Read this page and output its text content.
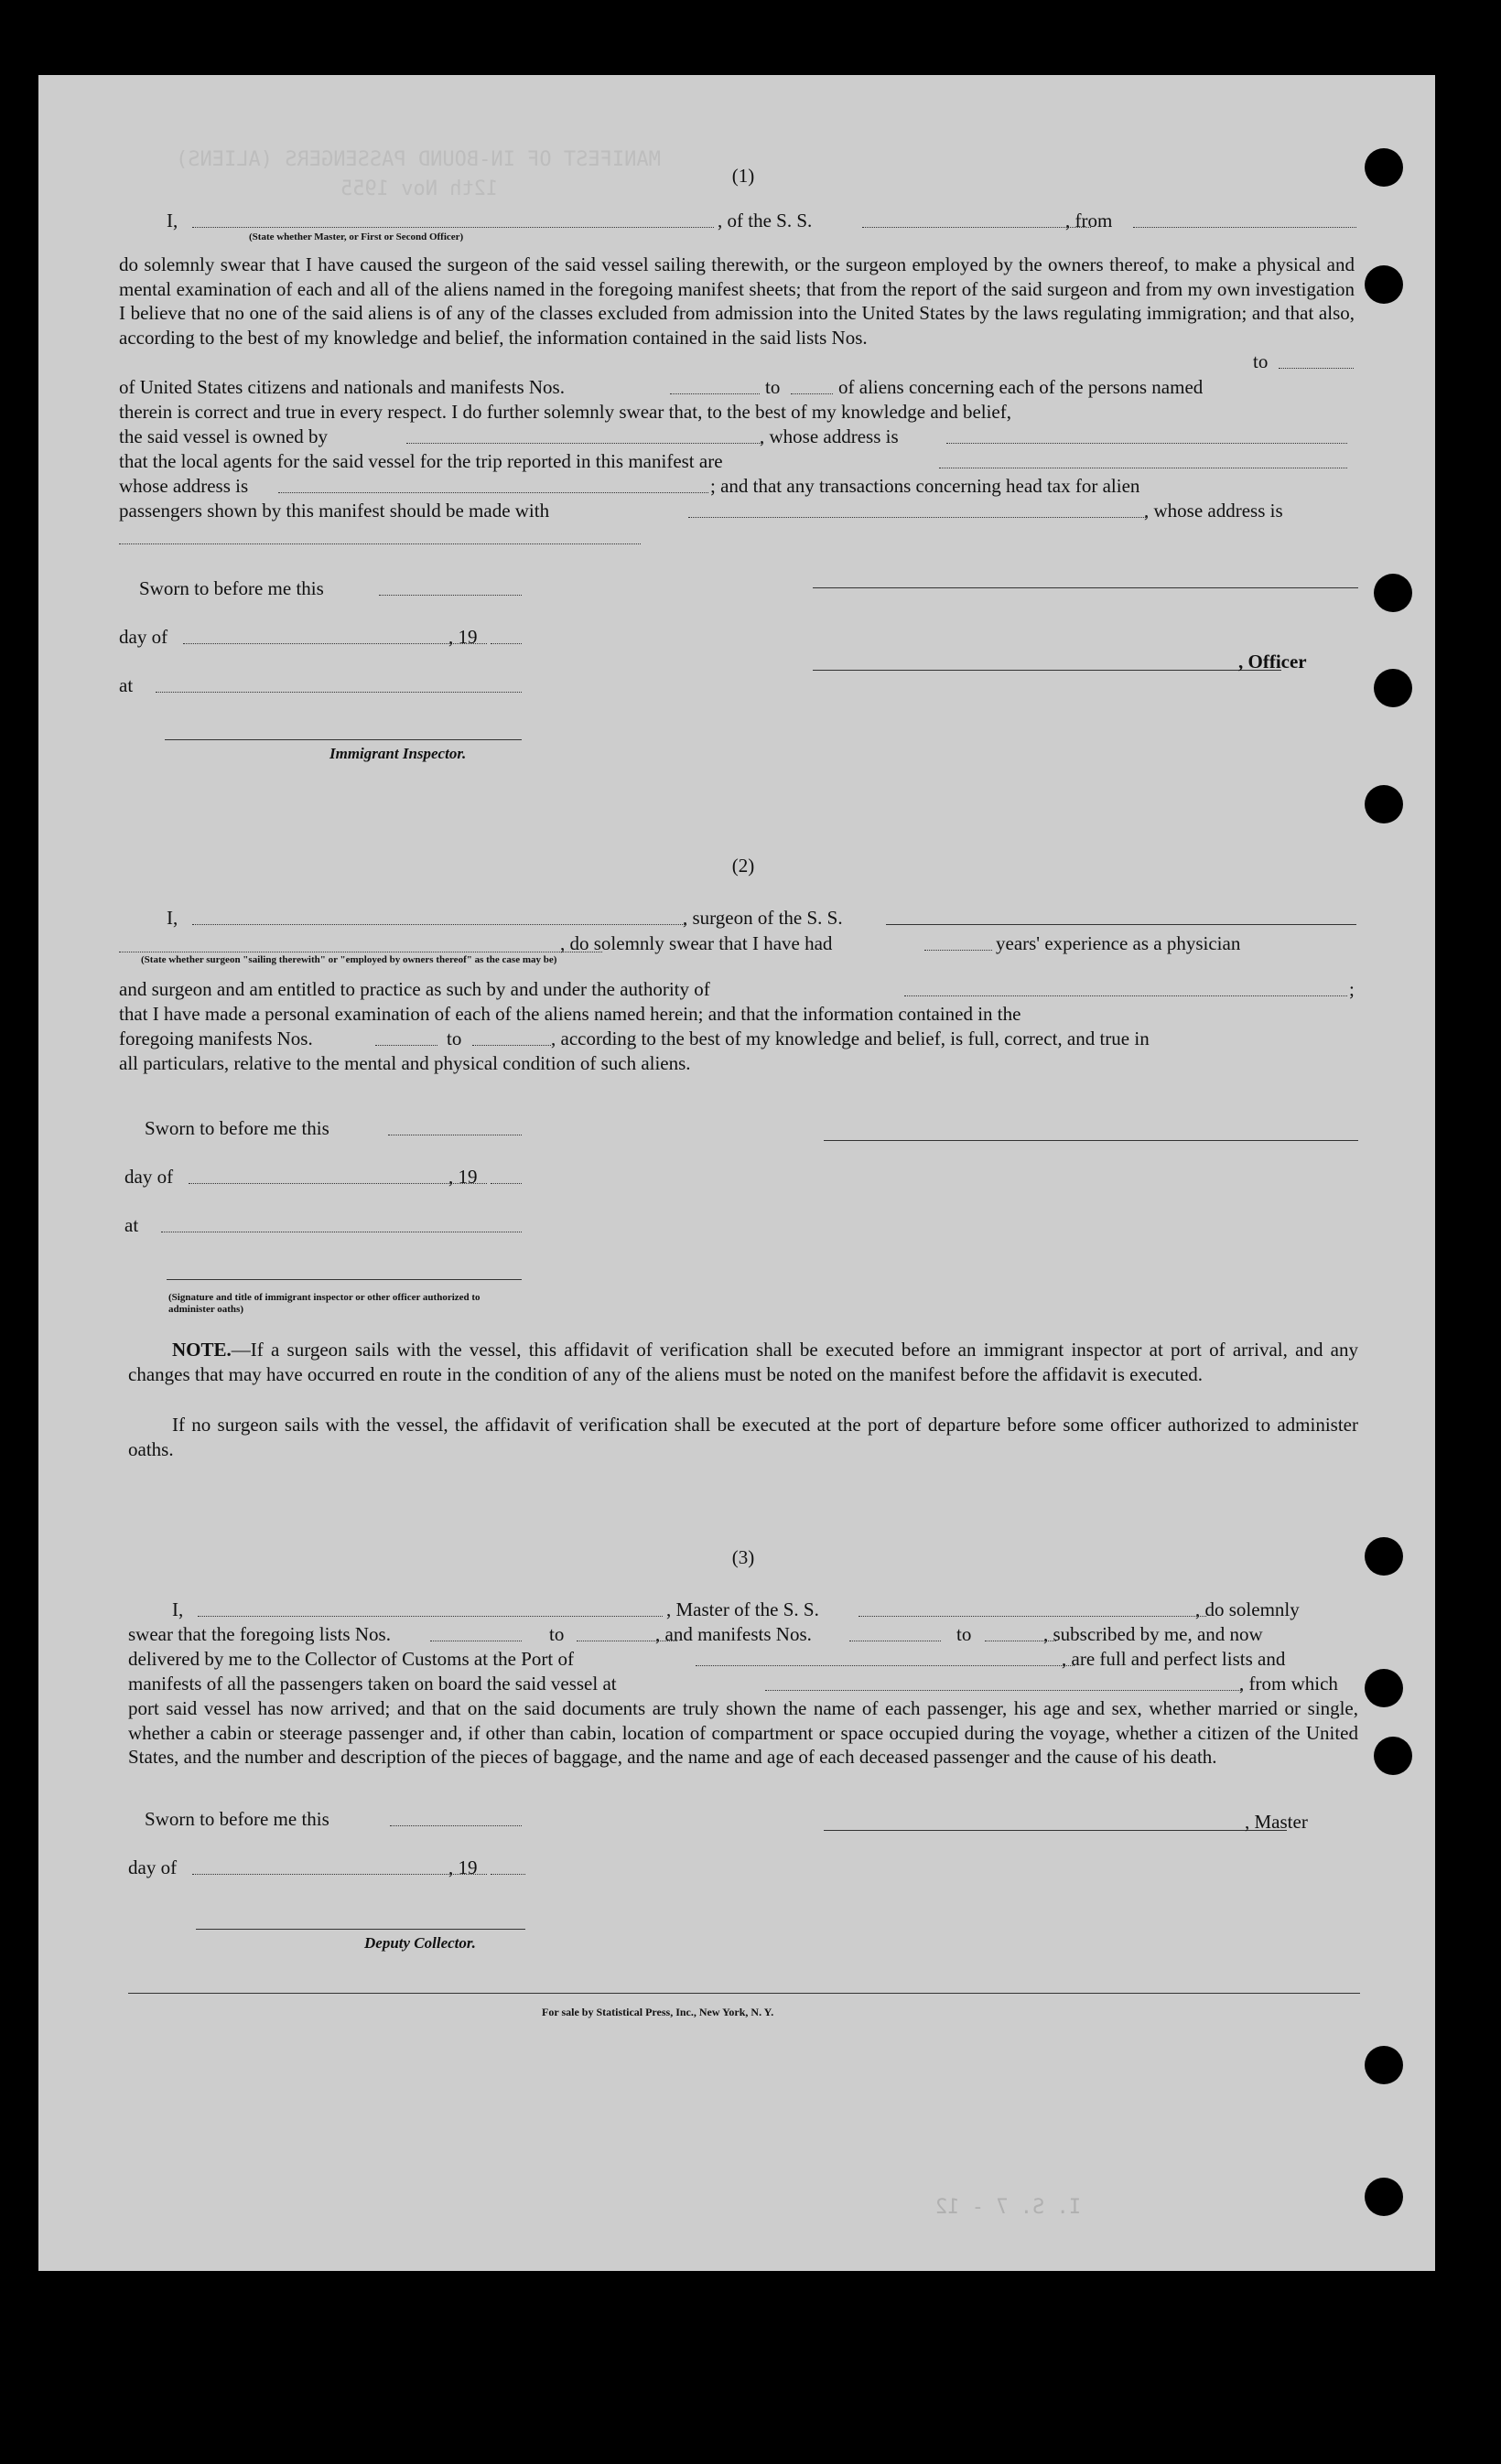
MANIFEST OF IN-BOUND PASSENGERS (ALIENS)
12th Nov 1955
I. S. 7 - 12
(1)
I,	, of the S. S.	, from
(State whether Master, or First or Second Officer)
do solemnly swear that I have caused the surgeon of the said vessel sailing therewith, or the surgeon employed by the owners thereof, to make a physical and mental examination of each and all of the aliens named in the foregoing manifest sheets; that from the report of the said surgeon and from my own investigation I believe that no one of the said aliens is of any of the classes excluded from admission into the United States by the laws regulating immigration; and that also, according to the best of my knowledge and belief, the information contained in the said lists Nos.
to
of United States citizens and nationals and manifests Nos.	to	of aliens concerning each of the persons named
therein is correct and true in every respect. I do further solemnly swear that, to the best of my knowledge and belief,
the said vessel is owned by	, whose address is
that the local agents for the said vessel for the trip reported in this manifest are
whose address is	; and that any transactions concerning head tax for alien
passengers shown by this manifest should be made with	, whose address is
Sworn to before me this
day of	, 19
, Officer
at
Immigrant Inspector.
(2)
I,	, surgeon of the S. S.
, do solemnly swear that I have had	years' experience as a physician
(State whether surgeon "sailing therewith" or "employed by owners thereof" as the case may be)
and surgeon and am entitled to practice as such by and under the authority of	;
that I have made a personal examination of each of the aliens named herein; and that the information contained in the
foregoing manifests Nos.	to	, according to the best of my knowledge and belief, is full, correct, and true in
all particulars, relative to the mental and physical condition of such aliens.
Sworn to before me this
day of	, 19
at
(Signature and title of immigrant inspector or other officer authorized to administer oaths)
NOTE.—If a surgeon sails with the vessel, this affidavit of verification shall be executed before an immigrant inspector at port of arrival, and any changes that may have occurred en route in the condition of any of the aliens must be noted on the manifest before the affidavit is executed.
If no surgeon sails with the vessel, the affidavit of verification shall be executed at the port of departure before some officer authorized to administer oaths.
(3)
I,	, Master of the S. S.	, do solemnly
swear that the foregoing lists Nos.	to	, and manifests Nos.	to	, subscribed by me, and now
delivered by me to the Collector of Customs at the Port of	, are full and perfect lists and
manifests of all the passengers taken on board the said vessel at	, from which
port said vessel has now arrived; and that on the said documents are truly shown the name of each passenger, his age and sex, whether married or single, whether a cabin or steerage passenger and, if other than cabin, location of compartment or space occupied during the voyage, whether a citizen of the United States, and the number and description of the pieces of baggage, and the name and age of each deceased passenger and the cause of his death.
Sworn to before me this	, Master
day of	, 19
Deputy Collector.
For sale by Statistical Press, Inc., New York, N. Y.
